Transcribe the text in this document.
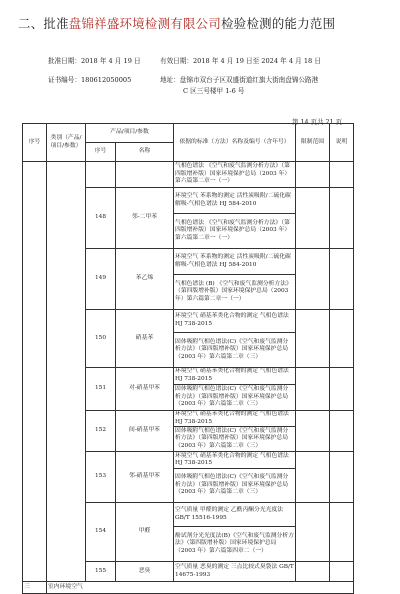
二、批准盘锦祥盛环境检测有限公司检验检测的能力范围
批准日期：2018 年 4 月 19 日	有效日期：2018 年 4 月 19 日至 2024 年 4 月 18 日
证书编号：180612050005	地址：盘锦市双台子区双盛街道红旗大街南盘锦公路港
C 区三号楼甲 1-6 号
第 14 页共 21 页
序号	类别（产品/项目/参数）	产品/项目/参数		依据的标准（方法）名称及编号（含年号）	限制范围	说明
		序号	名称			
				气相色谱法 《空气和废气监测分析方法》（第四版增补版）国家环境保护总局（2003 年）第六篇第二章一（一）		
		148	邻-二甲苯	环境空气 苯系物的测定 活性炭吸附/二硫化碳解吸-气相色谱法 HJ 584-2010		
				气相色谱法 《空气和废气监测分析方法》（第四版增补版）国家环境保护总局（2003 年）第六篇第二章一（一）		
		149	苯乙烯	环境空气 苯系物的测定 活性炭吸附/二硫化碳解吸-气相色谱法 HJ 584-2010		
				气相色谱法 (B) 《空气和废气监测分析方法》（第四版增补版）国家环境保护总局（2003 年）第六篇第二章一（一）		
		150	硝基苯	环境空气 硝基苯类化合物的测定 气相色谱法 HJ 738-2015		
				固体吸附气相色谱法(C)《空气和废气监测分析方法》（第四版增补版）国家环境保护总局（2003 年）第六篇第二章（三）		
		151	对-硝基甲苯	环境空气 硝基苯类化合物的测定 气相色谱法 HJ 738-2015		
				固体吸附气相色谱法(C)《空气和废气监测分析方法》（第四版增补版）国家环境保护总局（2003 年）第六篇第二章（三）		
		152	间-硝基甲苯	环境空气 硝基苯类化合物的测定 气相色谱法 HJ 738-2015		
				固体吸附气相色谱法(C)《空气和废气监测分析方法》（第四版增补版）国家环境保护总局（2003 年）第六篇第二章（三）		
		153	邻-硝基甲苯	环境空气 硝基苯类化合物的测定 气相色谱法 HJ 738-2015		
				固体吸附气相色谱法(C)《空气和废气监测分析方法》（第四版增补版）国家环境保护总局（2003 年）第六篇第二章（三）		
		154	甲醛	空气质量 甲醛的测定 乙酰丙酮分光光度法 GB/T 15516-1995		
				酚试剂分光光度法(B)《空气和废气监测分析方法》（第四版增补版）国家环境保护总局（2003 年）第六篇第四章二（一）		
		155	恶臭	空气质量 恶臭的测定 三点比较式臭袋法 GB/T 14675-1993		
三	室内环境空气					
